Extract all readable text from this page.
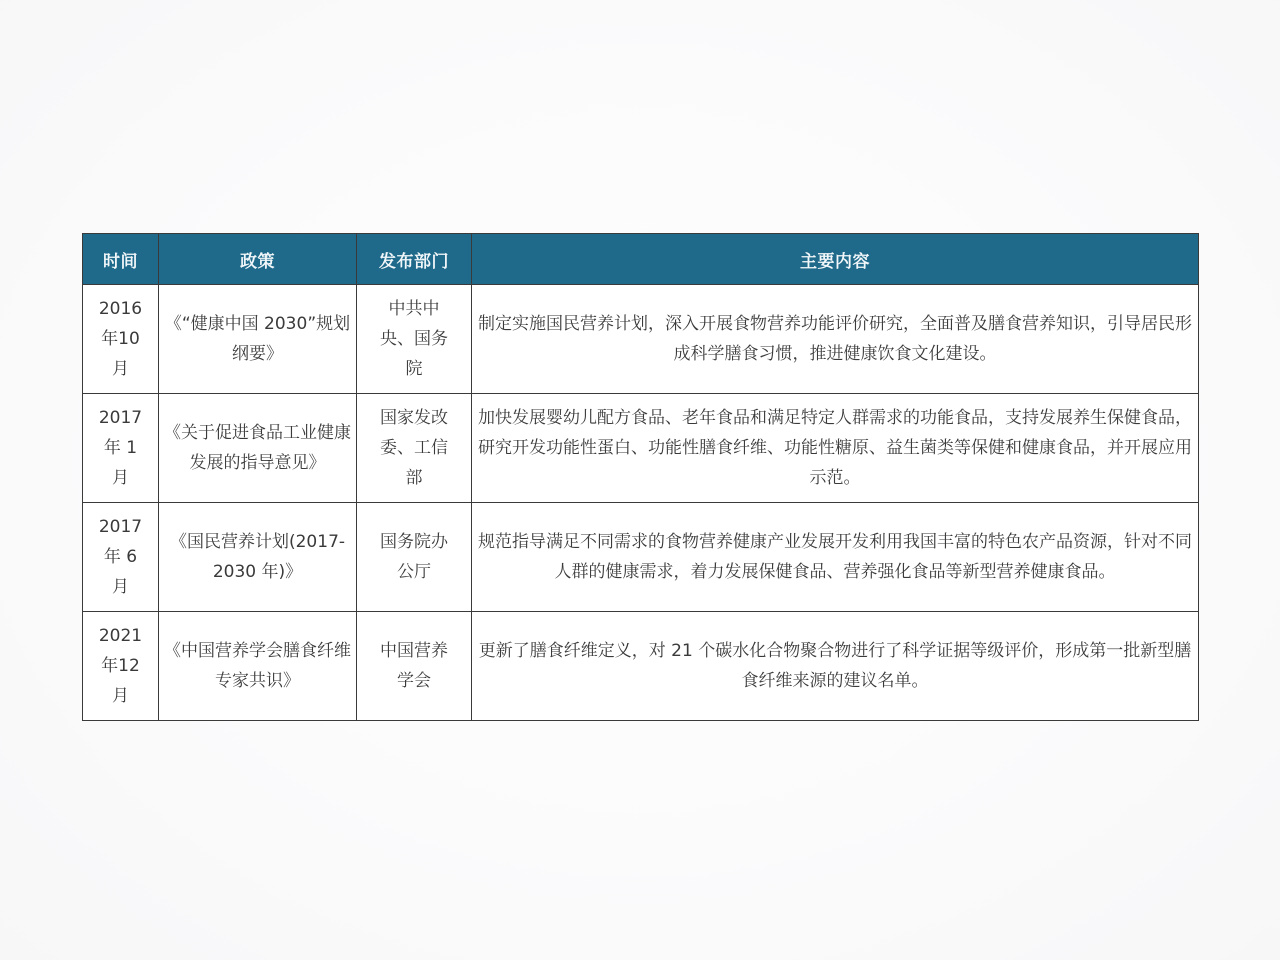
时间	政策	发布部门	主要内容
2016年10月	《“健康中国 2030”规划纲要》	中共中央、国务院	制定实施国民营养计划，深入开展食物营养功能评价研究，全面普及膳食营养知识，引导居民形成科学膳食习惯，推进健康饮食文化建设。
2017年 1 月	《关于促进食品工业健康发展的指导意见》	国家发改委、工信部	加快发展婴幼儿配方食品、老年食品和满足特定人群需求的功能食品，支持发展养生保健食品，研究开发功能性蛋白、功能性膳食纤维、功能性糖原、益生菌类等保健和健康食品，并开展应用示范。
2017年 6 月	《国民营养计划(2017-2030 年)》	国务院办公厅	规范指导满足不同需求的食物营养健康产业发展开发利用我国丰富的特色农产品资源，针对不同人群的健康需求，着力发展保健食品、营养强化食品等新型营养健康食品。
2021年12月	《中国营养学会膳食纤维专家共识》	中国营养学会	更新了膳食纤维定义，对 21 个碳水化合物聚合物进行了科学证据等级评价，形成第一批新型膳食纤维来源的建议名单。
